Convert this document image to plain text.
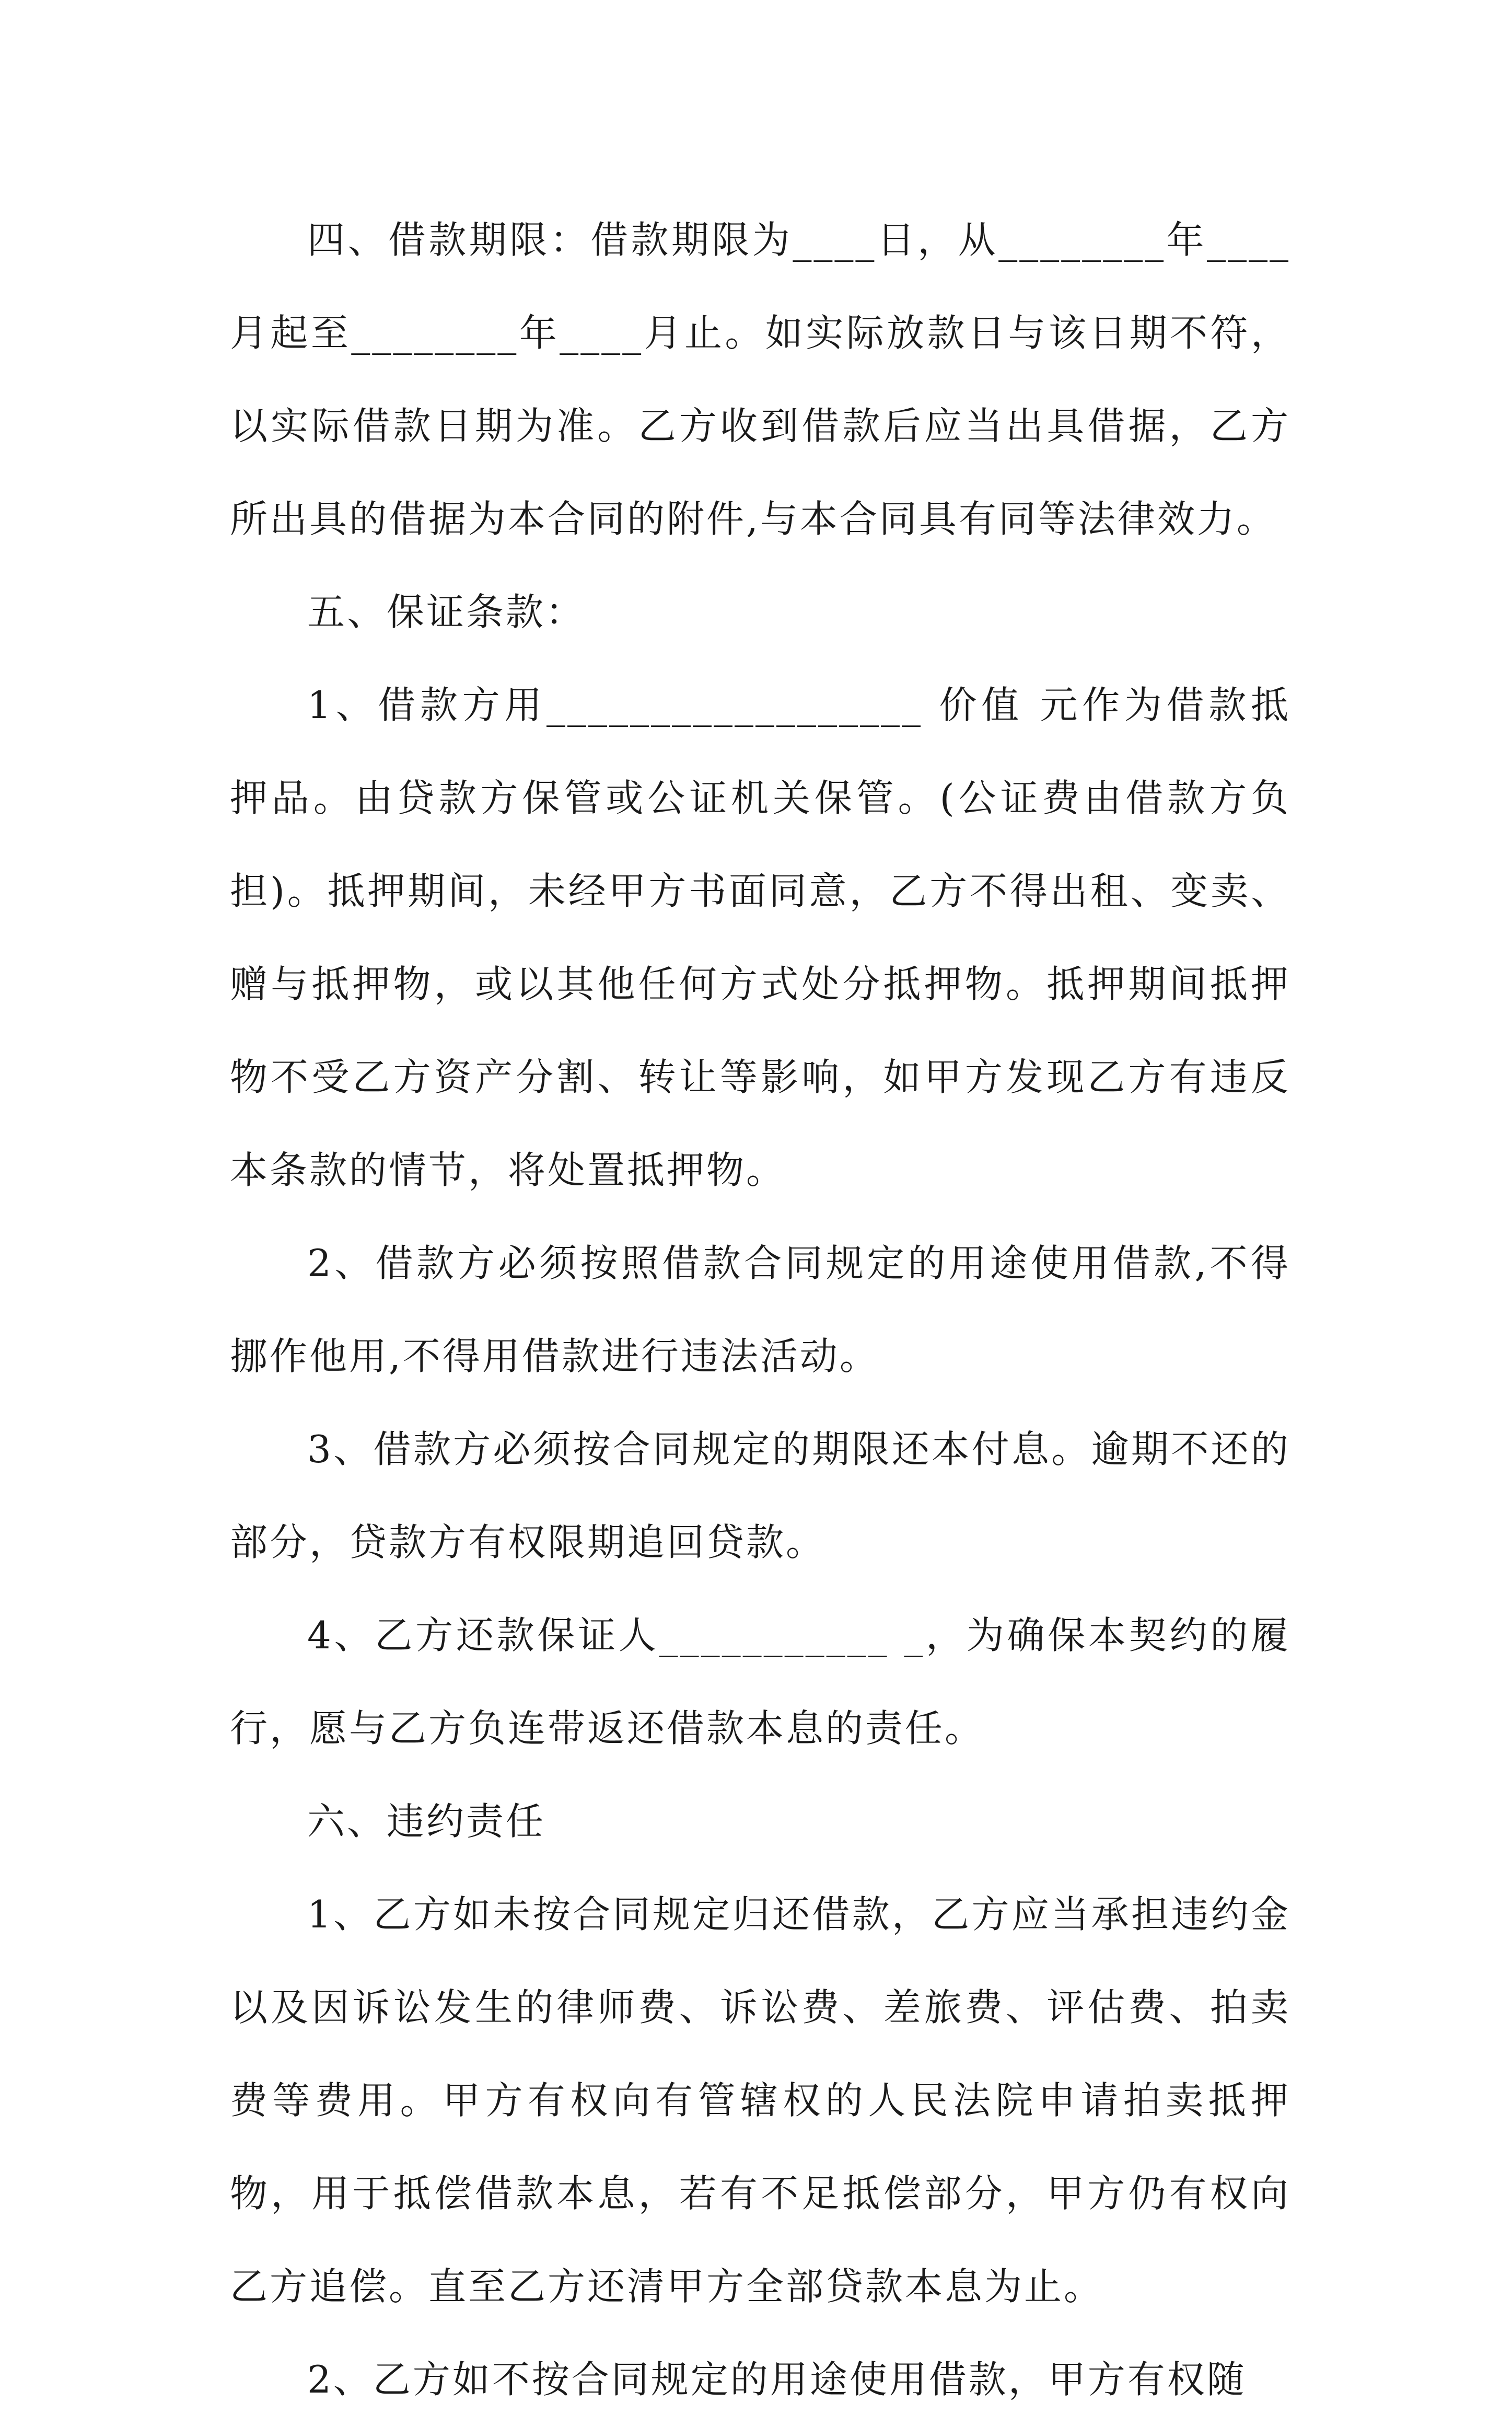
四、借款期限：借款期限为____日，从________年____月起至________年____月止。如实际放款日与该日期不符，以实际借款日期为准。乙方收到借款后应当出具借据，乙方所出具的借据为本合同的附件,与本合同具有同等法律效力。

五、保证条款：

1、借款方用__________________ 价值 元作为借款抵押品。由贷款方保管或公证机关保管。(公证费由借款方负担)。抵押期间，未经甲方书面同意，乙方不得出租、变卖、赠与抵押物，或以其他任何方式处分抵押物。抵押期间抵押物不受乙方资产分割、转让等影响，如甲方发现乙方有违反本条款的情节，将处置抵押物。

2、借款方必须按照借款合同规定的用途使用借款,不得挪作他用,不得用借款进行违法活动。

3、借款方必须按合同规定的期限还本付息。逾期不还的部分，贷款方有权限期追回贷款。

4、乙方还款保证人___________ _，为确保本契约的履行，愿与乙方负连带返还借款本息的责任。

六、违约责任

1、乙方如未按合同规定归还借款，乙方应当承担违约金以及因诉讼发生的律师费、诉讼费、差旅费、评估费、拍卖费等费用。甲方有权向有管辖权的人民法院申请拍卖抵押物，用于抵偿借款本息，若有不足抵偿部分，甲方仍有权向乙方追偿。直至乙方还清甲方全部贷款本息为止。

2、乙方如不按合同规定的用途使用借款，甲方有权随
